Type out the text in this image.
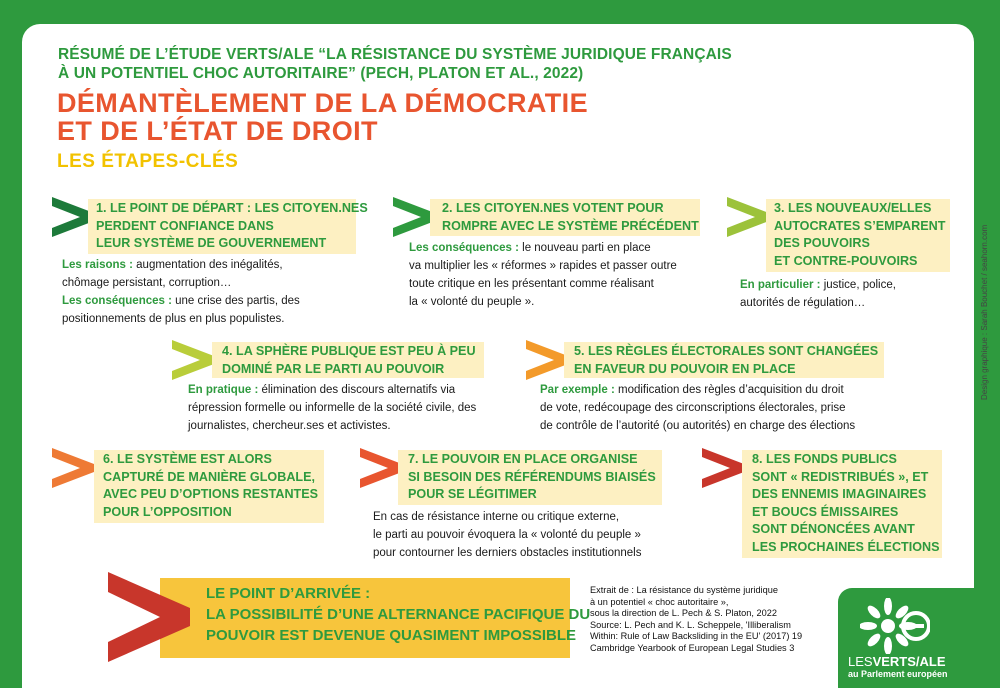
RÉSUMÉ DE L’ÉTUDE VERTS/ALE “LA RÉSISTANCE DU SYSTÈME JURIDIQUE FRANÇAIS
À UN POTENTIEL CHOC AUTORITAIRE” (PECH, PLATON ET AL., 2022)
DÉMANTÈLEMENT DE LA DÉMOCRATIE
ET DE L’ÉTAT DE DROIT
LES ÉTAPES-CLÉS
1. LE POINT DE DÉPART : LES CITOYEN.NES
PERDENT CONFIANCE DANS
LEUR SYSTÈME DE GOUVERNEMENT
Les raisons : augmentation des inégalités,
chômage persistant, corruption…
Les conséquences : une crise des partis, des
positionnements de plus en plus populistes.
2. LES CITOYEN.NES VOTENT POUR
ROMPRE AVEC LE SYSTÈME PRÉCÉDENT
Les conséquences : le nouveau parti en place
va multiplier les « réformes » rapides et passer outre
toute critique en les présentant comme réalisant
la « volonté du peuple ».
3. LES NOUVEAUX/ELLES
AUTOCRATES S’EMPARENT
DES POUVOIRS
ET CONTRE-POUVOIRS
En particulier : justice, police,
autorités de régulation…
4. LA SPHÈRE PUBLIQUE EST PEU À PEU
DOMINÉ PAR LE PARTI AU POUVOIR
En pratique : élimination des discours alternatifs via
répression formelle ou informelle de la société civile, des
journalistes, chercheur.ses et activistes.
5. LES RÈGLES ÉLECTORALES SONT CHANGÉES
EN FAVEUR DU POUVOIR EN PLACE
Par exemple : modification des règles d’acquisition du droit
de vote, redécoupage des circonscriptions électorales, prise
de contrôle de l’autorité (ou autorités) en charge des élections
6. LE SYSTÈME EST ALORS
CAPTURÉ DE MANIÈRE GLOBALE,
AVEC PEU D’OPTIONS RESTANTES
POUR L’OPPOSITION
7. LE POUVOIR EN PLACE ORGANISE
SI BESOIN DES RÉFÉRENDUMS BIAISÉS
POUR SE LÉGITIMER
En cas de résistance interne ou critique externe,
le parti au pouvoir évoquera la « volonté du peuple »
pour contourner les derniers obstacles institutionnels
8. LES FONDS PUBLICS
SONT « REDISTRIBUÉS », ET
DES ENNEMIS IMAGINAIRES
ET BOUCS ÉMISSAIRES
SONT DÉNONCÉES AVANT
LES PROCHAINES ÉLECTIONS
LE POINT D’ARRIVÉE :
LA POSSIBILITÉ D’UNE ALTERNANCE PACIFIQUE DU
POUVOIR EST DEVENUE QUASIMENT IMPOSSIBLE
Extrait de : La résistance du système juridique
à un potentiel « choc autoritaire »,
sous la direction de L. Pech & S. Platon, 2022
Source: L. Pech and K. L. Scheppele, 'Illiberalism
Within: Rule of Law Backsliding in the EU' (2017) 19
Cambridge Yearbook of European Legal Studies 3
Design graphique : Sarah Bouchet / seahorn.com
LESVERTS/ALE
au Parlement européen
